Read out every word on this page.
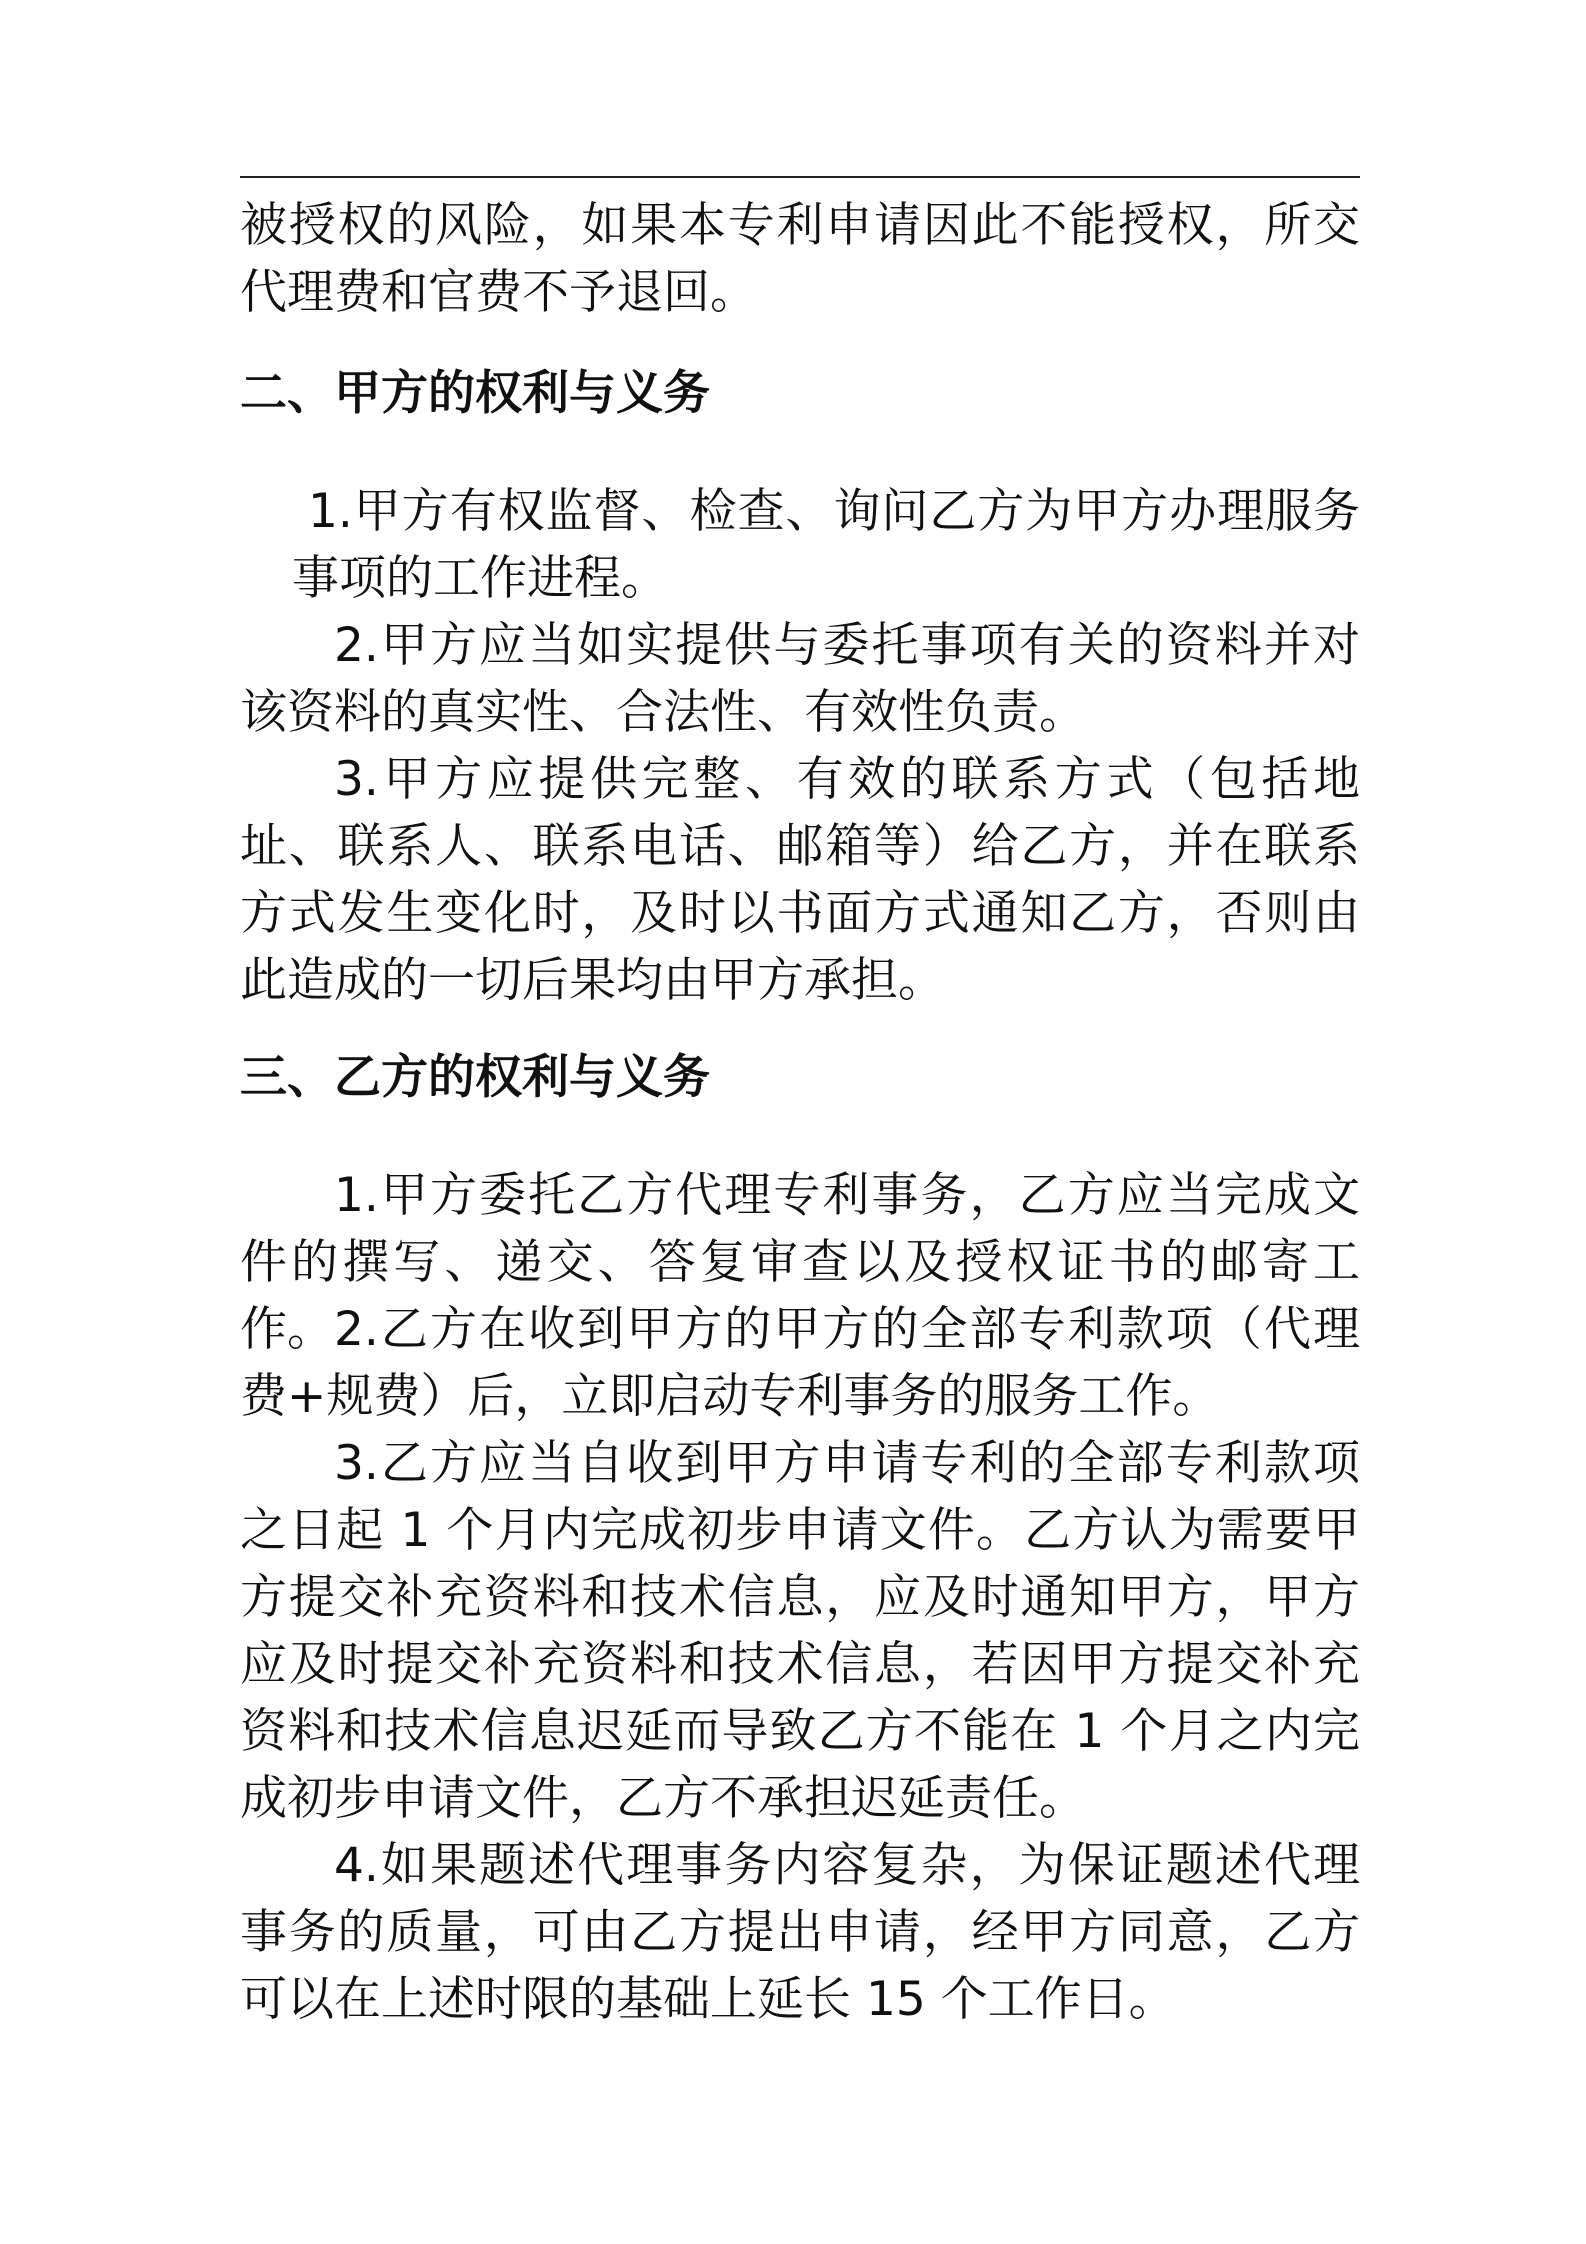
被授权的风险，如果本专利申请因此不能授权，所交代理费和官费不予退回。

二、甲方的权利与义务

1.甲方有权监督、检查、询问乙方为甲方办理服务事项的工作进程。

2.甲方应当如实提供与委托事项有关的资料并对该资料的真实性、合法性、有效性负责。

3.甲方应提供完整、有效的联系方式（包括地址、联系人、联系电话、邮箱等）给乙方，并在联系方式发生变化时，及时以书面方式通知乙方，否则由此造成的一切后果均由甲方承担。

三、乙方的权利与义务

1.甲方委托乙方代理专利事务，乙方应当完成文件的撰写、递交、答复审查以及授权证书的邮寄工作。 2.乙方在收到甲方的甲方的全部专利款项（代理费+规费）后，立即启动专利事务的服务工作。

3.乙方应当自收到甲方申请专利的全部专利款项之日起 1 个月内完成初步申请文件。乙方认为需要甲方提交补充资料和技术信息，应及时通知甲方，甲方应及时提交补充资料和技术信息，若因甲方提交补充资料和技术信息迟延而导致乙方不能在 1 个月之内完成初步申请文件，乙方不承担迟延责任。

4.如果题述代理事务内容复杂，为保证题述代理事务的质量，可由乙方提出申请，经甲方同意，乙方可以在上述时限的基础上延长 15 个工作日。
